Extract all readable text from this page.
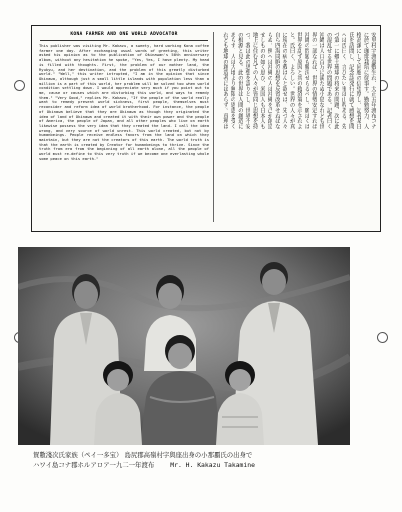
KONA FARMER AND ONE WORLD ADVOCATOR

This publisher was visiting Mr. Kakazu, a sweety, hard working Kona coffee farmer one day. After exchanging usual words of greeting, this writer asked his opinion as to the publication of Okinawan's 50th anniversary album, without any hesitation he spoke, "Yes, Yes, I have plenty. My head is filled with thoughts. First, the problem of our mother land, the Ryukyu, and her destination, and the problem of this greatly disturbed world." "Well," this writer intrupted, "I am in the opinion that since Okinawa, although just a small little islands with population less than a million is a part of this world, her problem will be solved too when world condition settling down. I would appreciate very much if you point out to me, cause or causes which are disturbing this world, and ways to remedy them." "Very Good," replies Mr. Kakazu, "If the people of the world really want to remedy present world sickness, first people, themselves must reconsider and reform idea of world brotherhood. For instance, the people of Okinawa believe that they are Okinawa as though they originated the idea of land of Okinawa and created it with their own power and the people of America, the people of Japan, and all other peoples who live on earth likewise possess the very idea that they created the land. I call the idea wrong, and very source of world unrest. This world created, but not by humanbeings. People receive endless favors from the land on which they maintain, but they are not the creators of this earth. The world truth is that the earth is created by Creator for humanbeings to thrive. Since the truth from era from the beginning of all earth alone, all the people of world must re-define to this very truth if we become one everlasting whole some peace on this earth."

安里村宇渡嘉敷生れ、大正五年渡布コナ
に於て珈琲栽培に従事す。勤勉努力、人
格高潔にして同胞の信望厚し。記者某日
氏を訪問し、記念誌発行に就て感想を問
へば氏曰く、言ひたい事は山程ある。先
づ第一に郷土琉球の将来の問題、次に此
の混乱せる世界の問題である。記者曰く
沖縄は人口百万に満たぬ小島なれども世
界の一部なれば、世界の情勢安定すれば
沖縄の問題も解決せらるべし。願はくは
世界を乱す原因と其の救済策を示されよ
と。氏曰く、よろしい。世界の人々が真
に現在の病を救はんと欲せば、先づ人々
自ら四海同胞の思想を反省改革せねばな
らぬ。例へば沖縄の人は沖縄を己が創造
せしものの如く思ひ、米国人も日本人も
地上に住む凡ての人々が皆同じ思想を持
つ。我は此の思想を誤りとし、世界不安
の根源と見る。此の世界は人間の創造に
あらず、人は大地より無限の恩恵を受く
れども地球の創造者にはあらず。真理は
賀數淺次氏家族（ペイ一多宝） 島尻郡高嶺村字與座出身の小那覇氏の出身で
ハワイ島コナ郡ホルアロア一九二一年渡布	Mr. H. Kakazu Takamine
